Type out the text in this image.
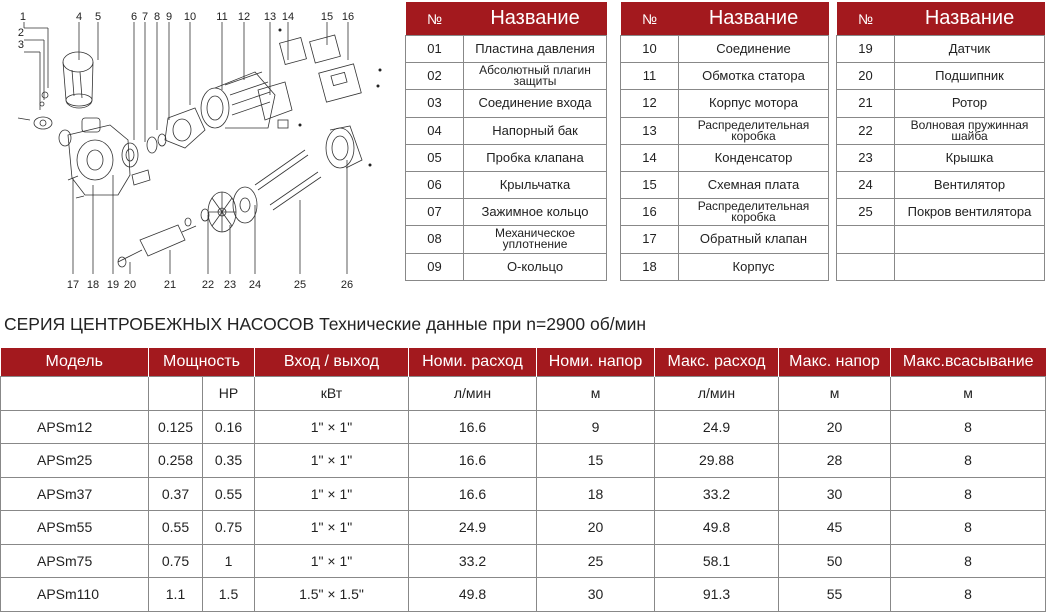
1
2
3
4 5	6 7 8 9 10 11 12 13 14 15 16
17 18 19 20	21 22 23 24	25	26
№	Название
01	Пластина давления
02	Абсолютный плагин защиты
03	Соединение входа
04	Напорный бак
05	Пробка клапана
06	Крыльчатка
07	Зажимное кольцо
08	Механическое уплотнение
09	О-кольцо
№	Название
10	Соединение
11	Обмотка статора
12	Корпус мотора
13	Распределительная коробка
14	Конденсатор
15	Схемная плата
16	Распределительная коробка
17	Обратный клапан
18	Корпус
№	Название
19	Датчик
20	Подшипник
21	Ротор
22	Волновая пружинная шайба
23	Крышка
24	Вентилятор
25	Покров вентилятора

СЕРИЯ ЦЕНТРОБЕЖНЫХ НАСОСОВ Технические данные при n=2900 об/мин
Модель	Мощность		Вход / выход	Номи. расход	Номи. напор	Макс. расход	Макс. напор	Макс.всасывание
		HP	кВт	л/мин	м	л/мин	м	м
APSm12	0.125	0.16	1" × 1"	16.6	9	24.9	20	8
APSm25	0.258	0.35	1" × 1"	16.6	15	29.88	28	8
APSm37	0.37	0.55	1" × 1"	16.6	18	33.2	30	8
APSm55	0.55	0.75	1" × 1"	24.9	20	49.8	45	8
APSm75	0.75	1	1" × 1"	33.2	25	58.1	50	8
APSm110	1.1	1.5	1.5" × 1.5"	49.8	30	91.3	55	8
